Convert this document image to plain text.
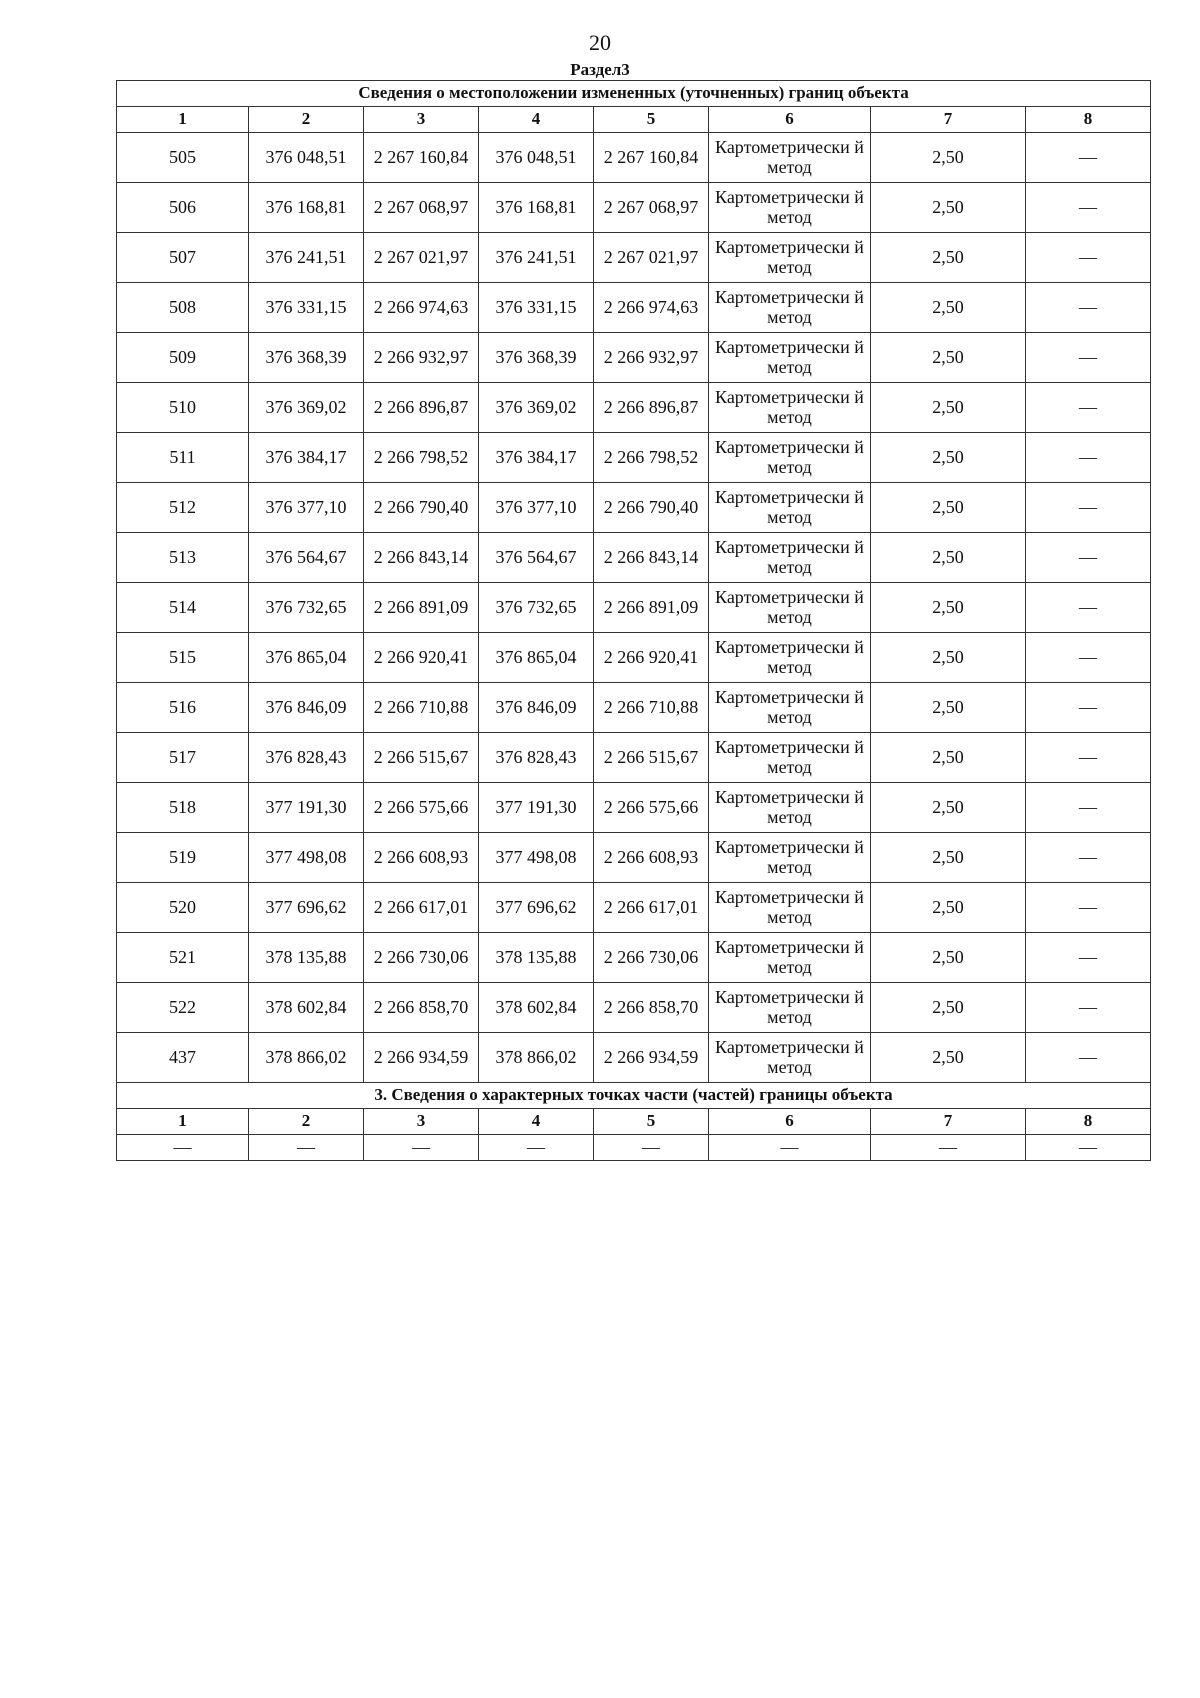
20
Раздел3
Сведения о местоположении измененных (уточненных) границ объекта							
1	2	3	4	5	6	7	8
505	376 048,51	2 267 160,84	376 048,51	2 267 160,84	Картометрически й метод	2,50	—
506	376 168,81	2 267 068,97	376 168,81	2 267 068,97	Картометрически й метод	2,50	—
507	376 241,51	2 267 021,97	376 241,51	2 267 021,97	Картометрически й метод	2,50	—
508	376 331,15	2 266 974,63	376 331,15	2 266 974,63	Картометрически й метод	2,50	—
509	376 368,39	2 266 932,97	376 368,39	2 266 932,97	Картометрически й метод	2,50	—
510	376 369,02	2 266 896,87	376 369,02	2 266 896,87	Картометрически й метод	2,50	—
511	376 384,17	2 266 798,52	376 384,17	2 266 798,52	Картометрически й метод	2,50	—
512	376 377,10	2 266 790,40	376 377,10	2 266 790,40	Картометрически й метод	2,50	—
513	376 564,67	2 266 843,14	376 564,67	2 266 843,14	Картометрически й метод	2,50	—
514	376 732,65	2 266 891,09	376 732,65	2 266 891,09	Картометрически й метод	2,50	—
515	376 865,04	2 266 920,41	376 865,04	2 266 920,41	Картометрически й метод	2,50	—
516	376 846,09	2 266 710,88	376 846,09	2 266 710,88	Картометрически й метод	2,50	—
517	376 828,43	2 266 515,67	376 828,43	2 266 515,67	Картометрически й метод	2,50	—
518	377 191,30	2 266 575,66	377 191,30	2 266 575,66	Картометрически й метод	2,50	—
519	377 498,08	2 266 608,93	377 498,08	2 266 608,93	Картометрически й метод	2,50	—
520	377 696,62	2 266 617,01	377 696,62	2 266 617,01	Картометрически й метод	2,50	—
521	378 135,88	2 266 730,06	378 135,88	2 266 730,06	Картометрически й метод	2,50	—
522	378 602,84	2 266 858,70	378 602,84	2 266 858,70	Картометрически й метод	2,50	—
437	378 866,02	2 266 934,59	378 866,02	2 266 934,59	Картометрически й метод	2,50	—
3. Сведения о характерных точках части (частей) границы объекта							
1	2	3	4	5	6	7	8
—	—	—	—	—	—	—	—
